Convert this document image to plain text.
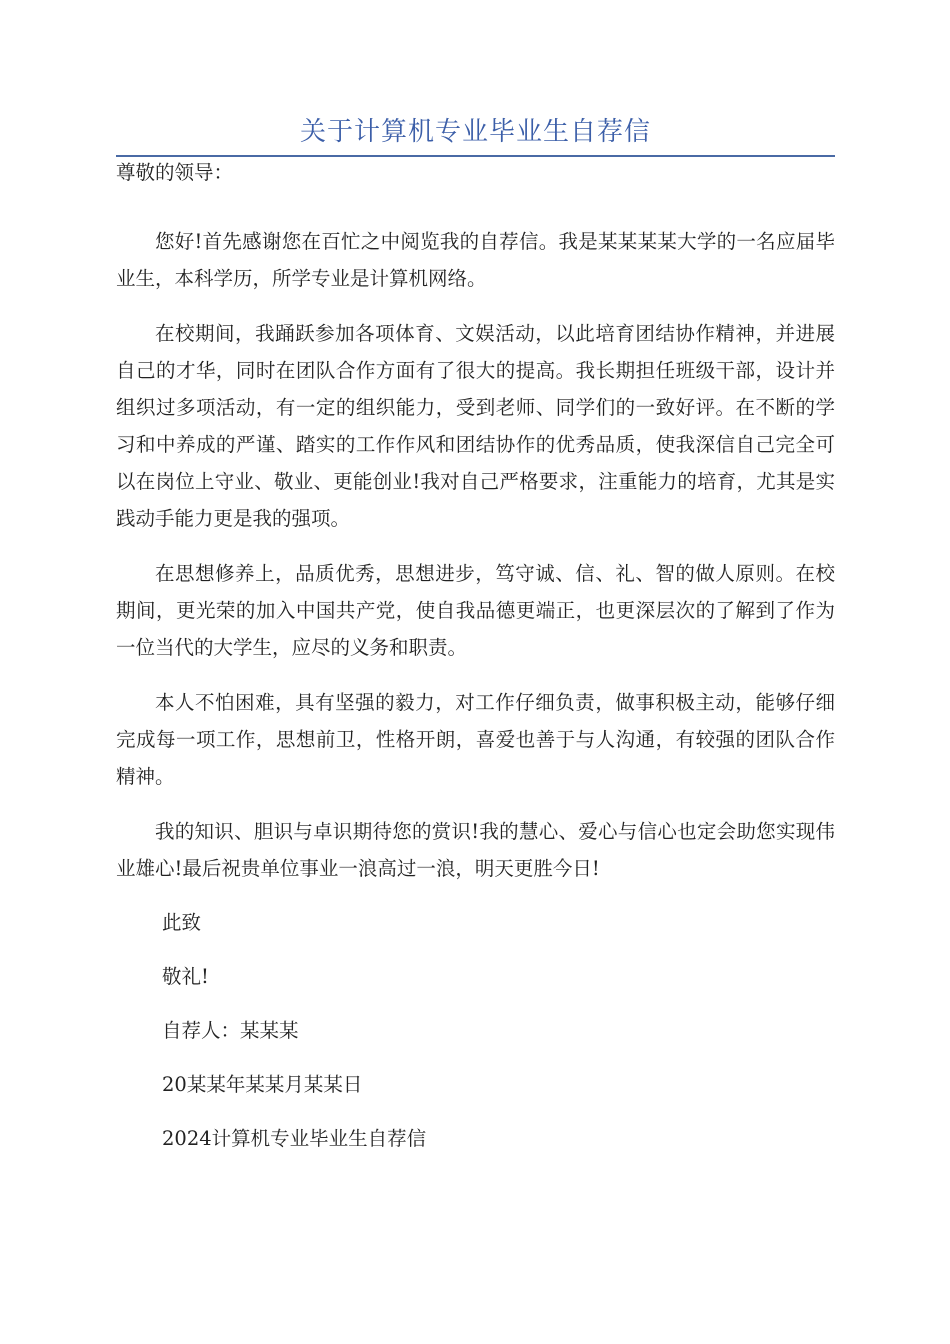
关于计算机专业毕业生自荐信

尊敬的领导：

您好!首先感谢您在百忙之中阅览我的自荐信。我是某某某某大学的一名应届毕业生，本科学历，所学专业是计算机网络。

在校期间，我踊跃参加各项体育、文娱活动，以此培育团结协作精神，并进展自己的才华，同时在团队合作方面有了很大的提高。我长期担任班级干部，设计并组织过多项活动，有一定的组织能力，受到老师、同学们的一致好评。在不断的学习和中养成的严谨、踏实的工作作风和团结协作的优秀品质，使我深信自己完全可以在岗位上守业、敬业、更能创业!我对自己严格要求，注重能力的培育，尤其是实践动手能力更是我的强项。

在思想修养上，品质优秀，思想进步，笃守诚、信、礼、智的做人原则。在校期间，更光荣的加入中国共产党，使自我品德更端正，也更深层次的了解到了作为一位当代的大学生，应尽的义务和职责。

本人不怕困难，具有坚强的毅力，对工作仔细负责，做事积极主动，能够仔细完成每一项工作，思想前卫，性格开朗，喜爱也善于与人沟通，有较强的团队合作精神。

我的知识、胆识与卓识期待您的赏识!我的慧心、爱心与信心也定会助您实现伟业雄心!最后祝贵单位事业一浪高过一浪，明天更胜今日!

此致

敬礼!

自荐人：某某某

20某某年某某月某某日

2024计算机专业毕业生自荐信
